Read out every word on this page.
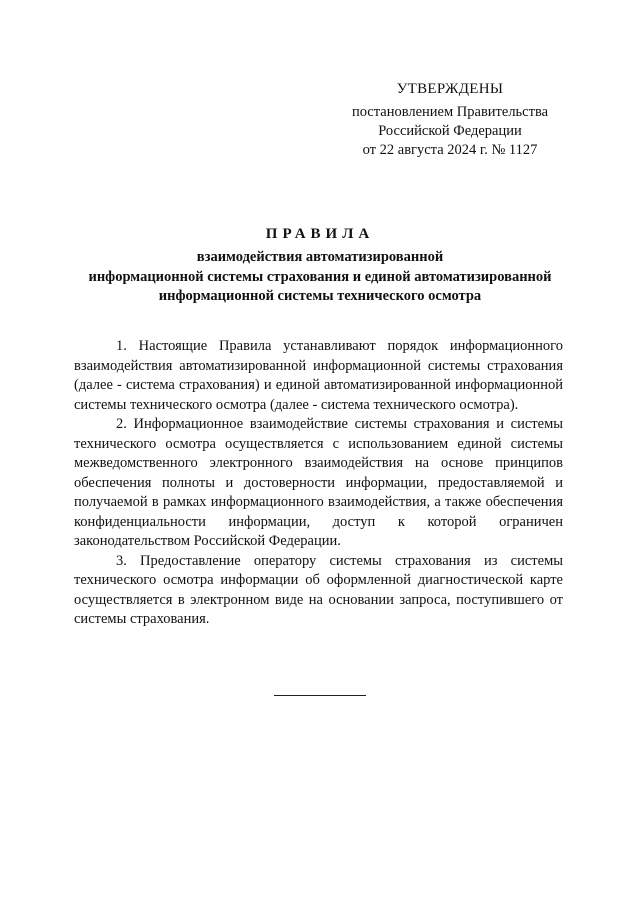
УТВЕРЖДЕНЫ
постановлением Правительства
Российской Федерации
от 22 августа 2024 г. № 1127
ПРАВИЛА
взаимодействия автоматизированной
информационной системы страхования и единой автоматизированной
информационной системы технического осмотра

1. Настоящие Правила устанавливают порядок информационного взаимодействия автоматизированной информационной системы страхования (далее - система страхования) и единой автоматизированной информационной системы технического осмотра (далее - система технического осмотра).

2. Информационное взаимодействие системы страхования и системы технического осмотра осуществляется с использованием единой системы межведомственного электронного взаимодействия на основе принципов обеспечения полноты и достоверности информации, предоставляемой и получаемой в рамках информационного взаимодействия, а также обеспечения конфиденциальности информации, доступ к которой ограничен законодательством Российской Федерации.

3. Предоставление оператору системы страхования из системы технического осмотра информации об оформленной диагностической карте осуществляется в электронном виде на основании запроса, поступившего от системы страхования.
